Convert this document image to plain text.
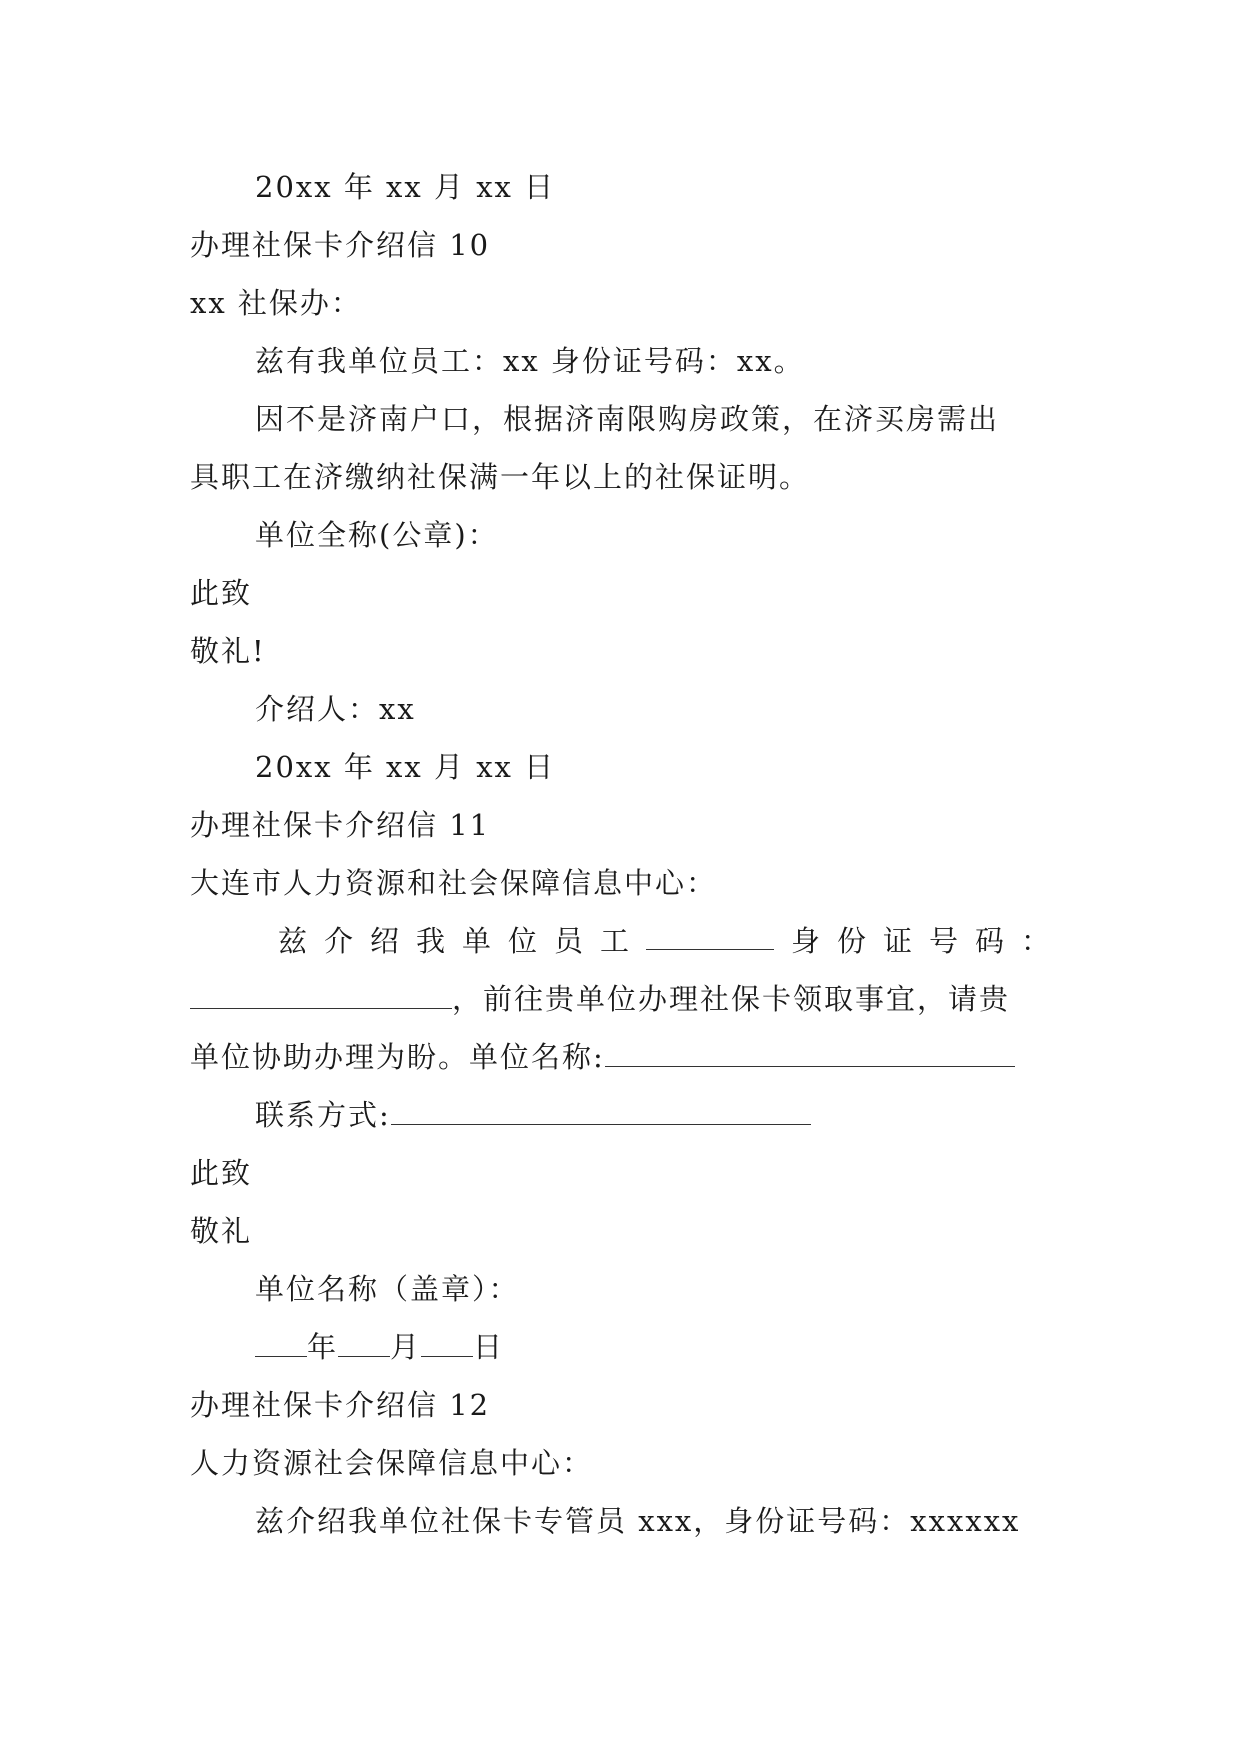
20xx 年 xx 月 xx 日
办理社保卡介绍信 10
xx 社保办：
兹有我单位员工：xx 身份证号码：xx。
因不是济南户口，根据济南限购房政策，在济买房需出
具职工在济缴纳社保满一年以上的社保证明。
单位全称(公章)：
此致
敬礼!
介绍人：xx
20xx 年 xx 月 xx 日
办理社保卡介绍信 11
大连市人力资源和社会保障信息中心：
兹 介 绍 我 单 位 员 工	身 份 证 号 码 ：
，前往贵单位办理社保卡领取事宜，请贵
单位协助办理为盼。单位名称:
联系方式:
此致
敬礼
单位名称（盖章）：
年 月 日
办理社保卡介绍信 12
人力资源社会保障信息中心：
兹介绍我单位社保卡专管员 xxx，身份证号码：xxxxxx
